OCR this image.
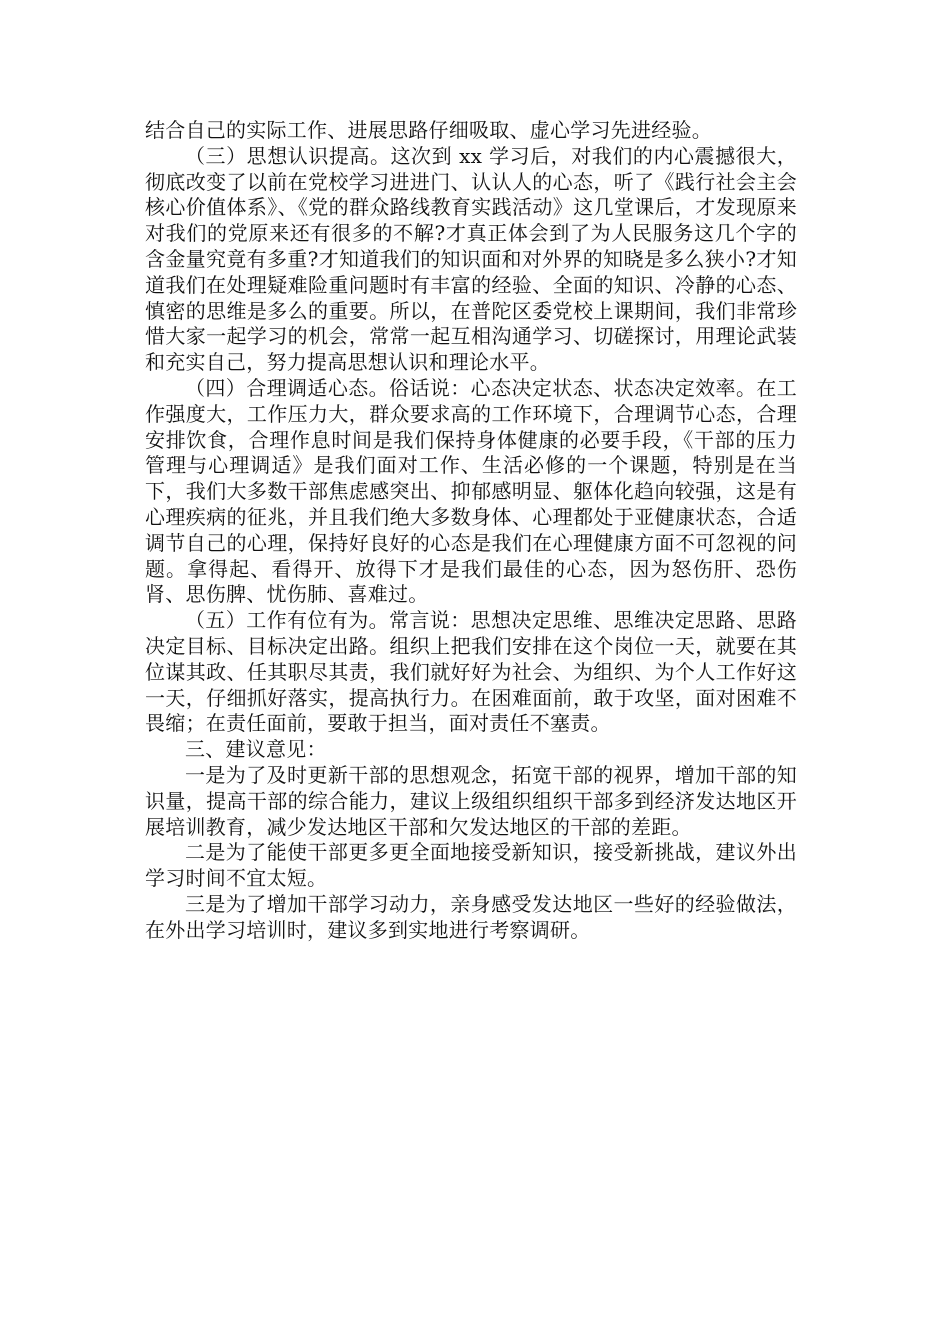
结合自己的实际工作、进展思路仔细吸取、虚心学习先进经验。

（三）思想认识提高。这次到 xx 学习后，对我们的内心震撼很大，彻底改变了以前在党校学习进进门、认认人的心态，听了《践行社会主会核心价值体系》、《党的群众路线教育实践活动》这几堂课后，才发现原来对我们的党原来还有很多的不解?才真正体会到了为人民服务这几个字的含金量究竟有多重?才知道我们的知识面和对外界的知晓是多么狭小?才知道我们在处理疑难险重问题时有丰富的经验、全面的知识、冷静的心态、慎密的思维是多么的重要。所以，在普陀区委党校上课期间，我们非常珍惜大家一起学习的机会，常常一起互相沟通学习、切磋探讨，用理论武装和充实自己，努力提高思想认识和理论水平。

（四）合理调适心态。俗话说：心态决定状态、状态决定效率。在工作强度大，工作压力大，群众要求高的工作环境下，合理调节心态，合理安排饮食，合理作息时间是我们保持身体健康的必要手段，《干部的压力管理与心理调适》是我们面对工作、生活必修的一个课题，特别是在当下，我们大多数干部焦虑感突出、抑郁感明显、躯体化趋向较强，这是有心理疾病的征兆，并且我们绝大多数身体、心理都处于亚健康状态，合适调节自己的心理，保持好良好的心态是我们在心理健康方面不可忽视的问题。拿得起、看得开、放得下才是我们最佳的心态，因为怒伤肝、恐伤肾、思伤脾、忧伤肺、喜难过。

（五）工作有位有为。常言说：思想决定思维、思维决定思路、思路决定目标、目标决定出路。组织上把我们安排在这个岗位一天，就要在其位谋其政、任其职尽其责，我们就好好为社会、为组织、为个人工作好这一天，仔细抓好落实，提高执行力。在困难面前，敢于攻坚，面对困难不畏缩；在责任面前，要敢于担当，面对责任不塞责。

三、建议意见：

一是为了及时更新干部的思想观念，拓宽干部的视界，增加干部的知识量，提高干部的综合能力，建议上级组织组织干部多到经济发达地区开展培训教育，减少发达地区干部和欠发达地区的干部的差距。

二是为了能使干部更多更全面地接受新知识，接受新挑战，建议外出学习时间不宜太短。

三是为了增加干部学习动力，亲身感受发达地区一些好的经验做法，在外出学习培训时，建议多到实地进行考察调研。
